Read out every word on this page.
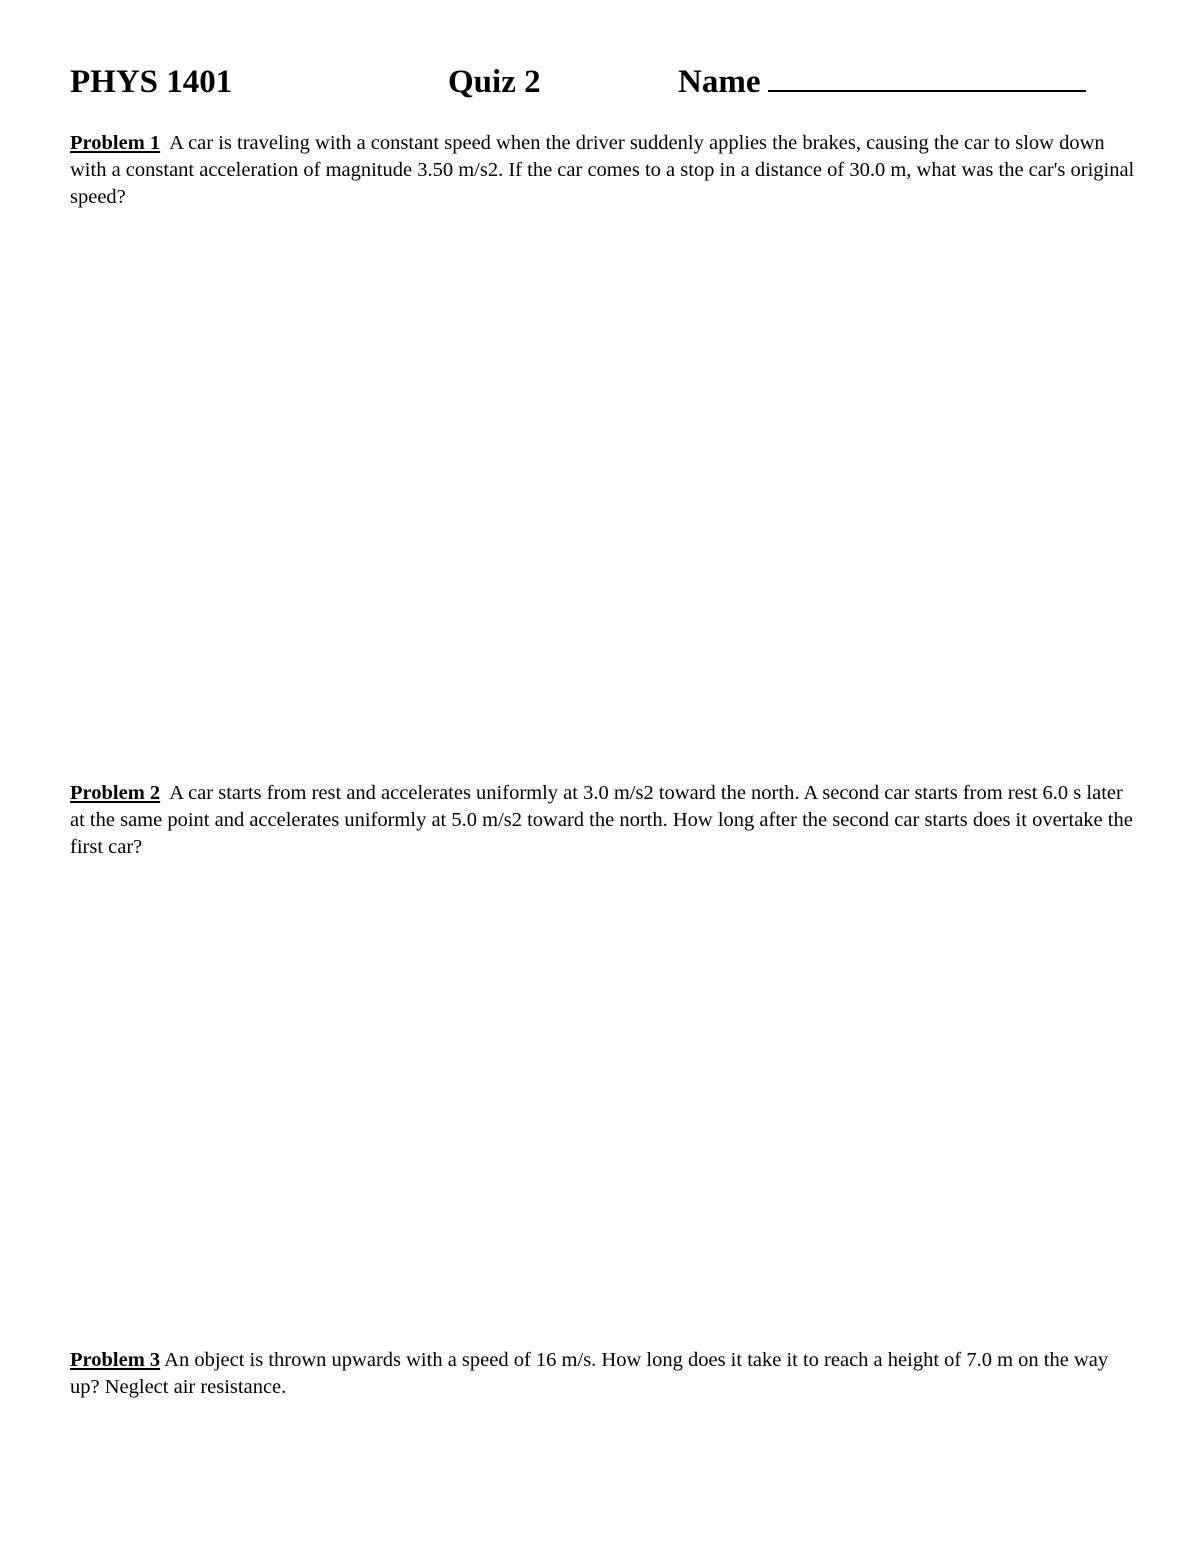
PHYS 1401	Quiz 2	Name
Problem 1 A car is traveling with a constant speed when the driver suddenly applies the brakes, causing the car to slow down with a constant acceleration of magnitude 3.50 m/s2. If the car comes to a stop in a distance of 30.0 m, what was the car's original speed?
Problem 2 A car starts from rest and accelerates uniformly at 3.0 m/s2 toward the north. A second car starts from rest 6.0 s later at the same point and accelerates uniformly at 5.0 m/s2 toward the north. How long after the second car starts does it overtake the first car?
Problem 3 An object is thrown upwards with a speed of 16 m/s. How long does it take it to reach a height of 7.0 m on the way up? Neglect air resistance.
